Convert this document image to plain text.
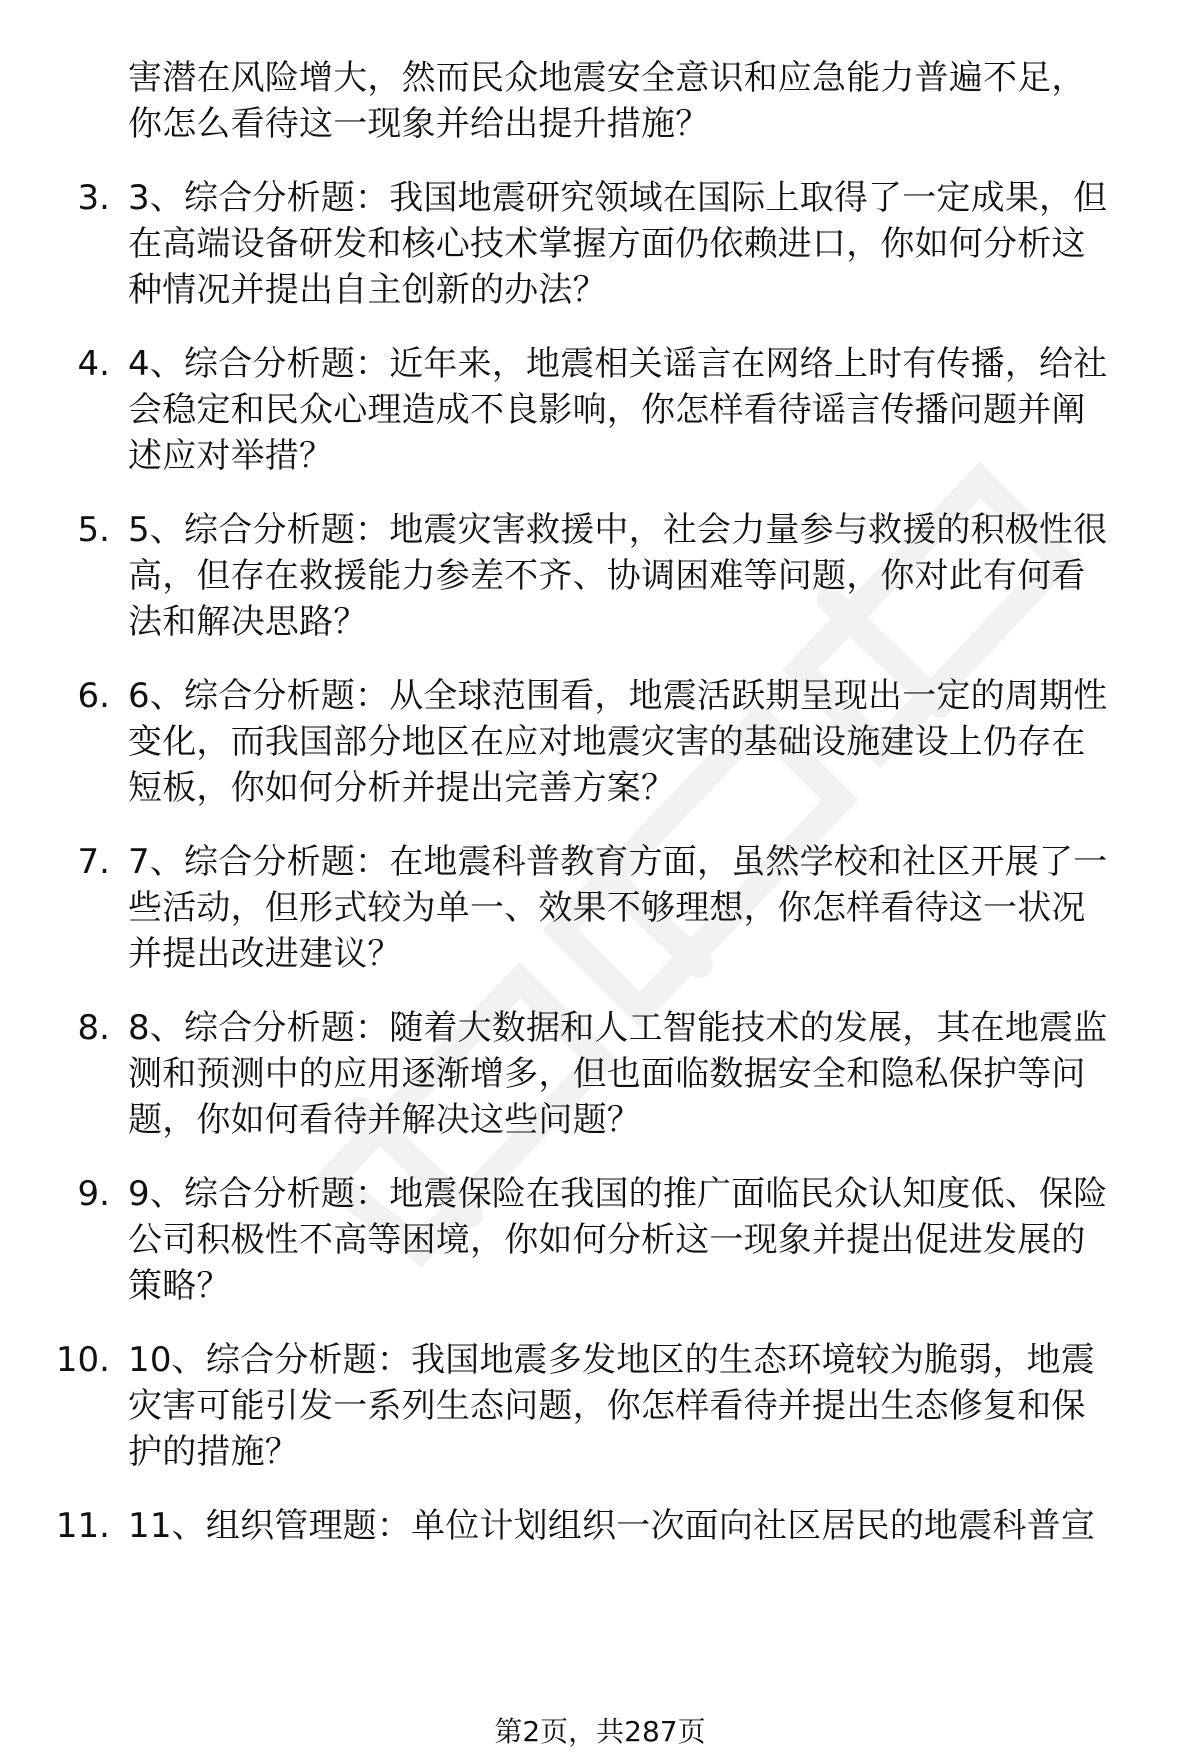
害潜在风险增大，然而民众地震安全意识和应急能力普遍不足，
你怎么看待这一现象并给出提升措施？
3. 3、综合分析题：我国地震研究领域在国际上取得了一定成果，但
在高端设备研发和核心技术掌握方面仍依赖进口，你如何分析这
种情况并提出自主创新的办法？
4. 4、综合分析题：近年来，地震相关谣言在网络上时有传播，给社
会稳定和民众心理造成不良影响，你怎样看待谣言传播问题并阐
述应对举措？
5. 5、综合分析题：地震灾害救援中，社会力量参与救援的积极性很
高，但存在救援能力参差不齐、协调困难等问题，你对此有何看
法和解决思路？
6. 6、综合分析题：从全球范围看，地震活跃期呈现出一定的周期性
变化，而我国部分地区在应对地震灾害的基础设施建设上仍存在
短板，你如何分析并提出完善方案？
7. 7、综合分析题：在地震科普教育方面，虽然学校和社区开展了一
些活动，但形式较为单一、效果不够理想，你怎样看待这一状况
并提出改进建议？
8. 8、综合分析题：随着大数据和人工智能技术的发展，其在地震监
测和预测中的应用逐渐增多，但也面临数据安全和隐私保护等问
题，你如何看待并解决这些问题？
9. 9、综合分析题：地震保险在我国的推广面临民众认知度低、保险
公司积极性不高等困境，你如何分析这一现象并提出促进发展的
策略？
10. 10、综合分析题：我国地震多发地区的生态环境较为脆弱，地震
灾害可能引发一系列生态问题，你怎样看待并提出生态修复和保
护的措施？
11. 11、组织管理题：单位计划组织一次面向社区居民的地震科普宣
第2页，共287页
